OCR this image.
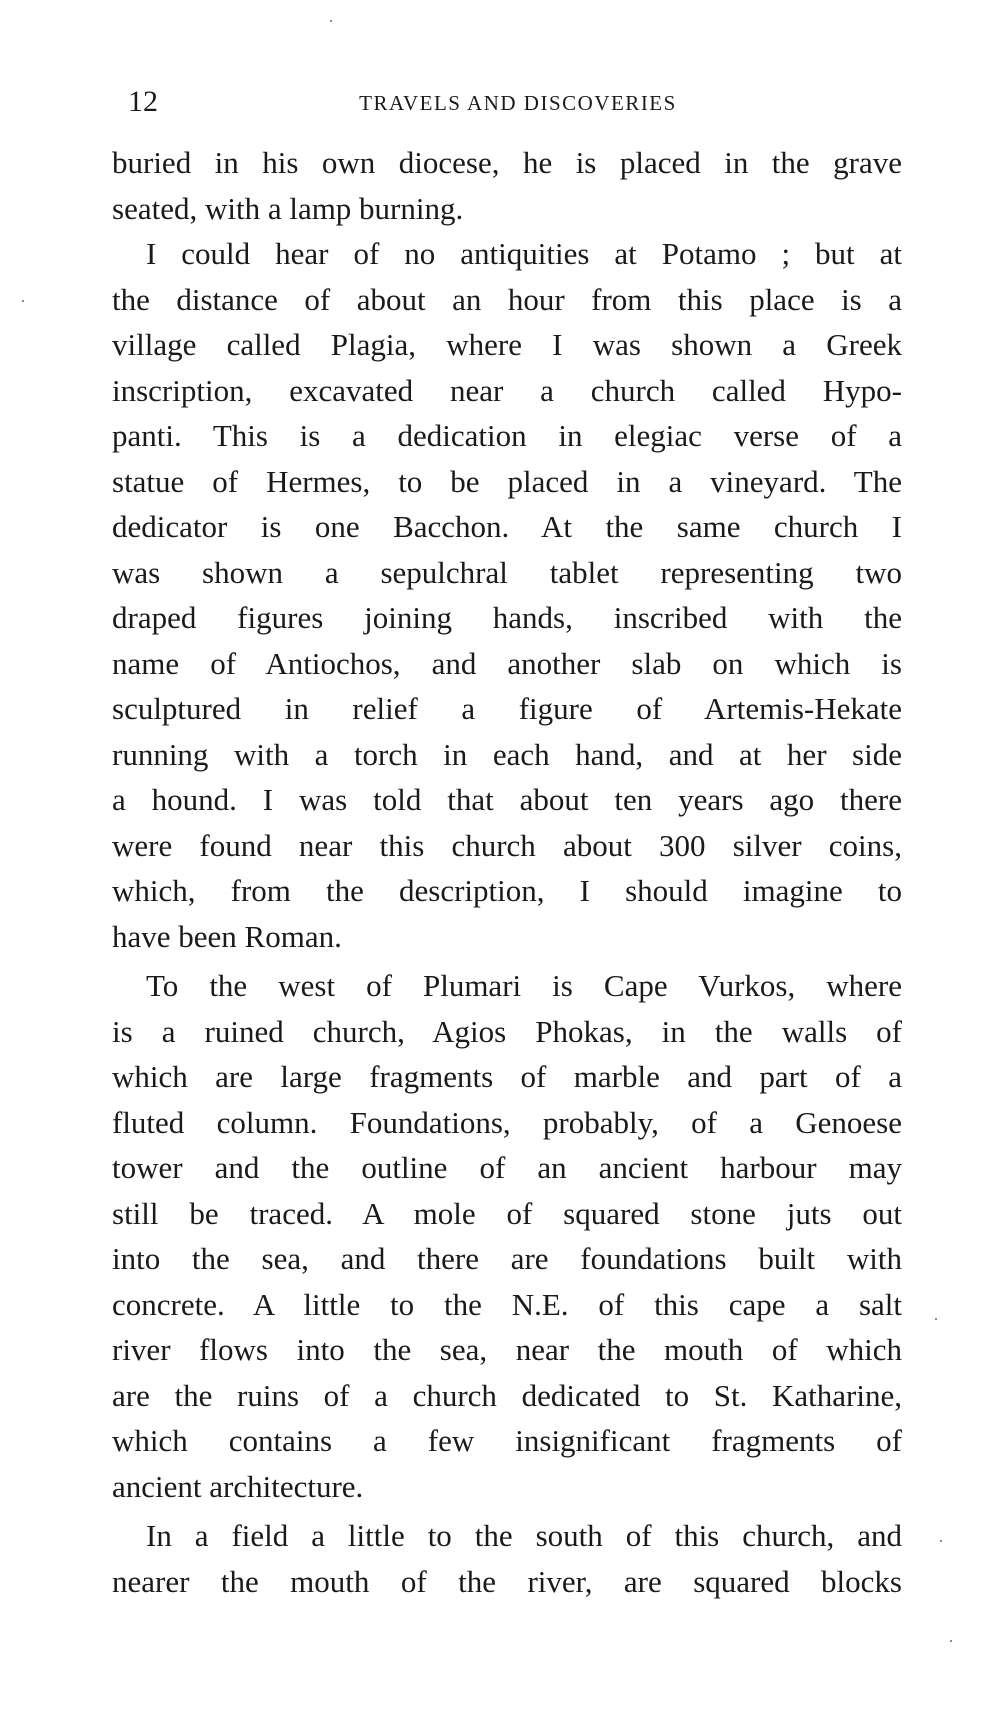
12	TRAVELS AND DISCOVERIES
buried in his own diocese, he is placed in the grave
seated, with a lamp burning.
I could hear of no antiquities at Potamo ; but at
the distance of about an hour from this place is a
village called Plagia, where I was shown a Greek
inscription, excavated near a church called Hypo-
panti. This is a dedication in elegiac verse of a
statue of Hermes, to be placed in a vineyard. The
dedicator is one Bacchon. At the same church I
was shown a sepulchral tablet representing two
draped figures joining hands, inscribed with the
name of Antiochos, and another slab on which is
sculptured in relief a figure of Artemis-Hekate
running with a torch in each hand, and at her side
a hound. I was told that about ten years ago there
were found near this church about 300 silver coins,
which, from the description, I should imagine to
have been Roman.
To the west of Plumari is Cape Vurkos, where
is a ruined church, Agios Phokas, in the walls of
which are large fragments of marble and part of a
fluted column. Foundations, probably, of a Genoese
tower and the outline of an ancient harbour may
still be traced. A mole of squared stone juts out
into the sea, and there are foundations built with
concrete. A little to the N.E. of this cape a salt
river flows into the sea, near the mouth of which
are the ruins of a church dedicated to St. Katharine,
which contains a few insignificant fragments of
ancient architecture.
In a field a little to the south of this church, and
nearer the mouth of the river, are squared blocks
